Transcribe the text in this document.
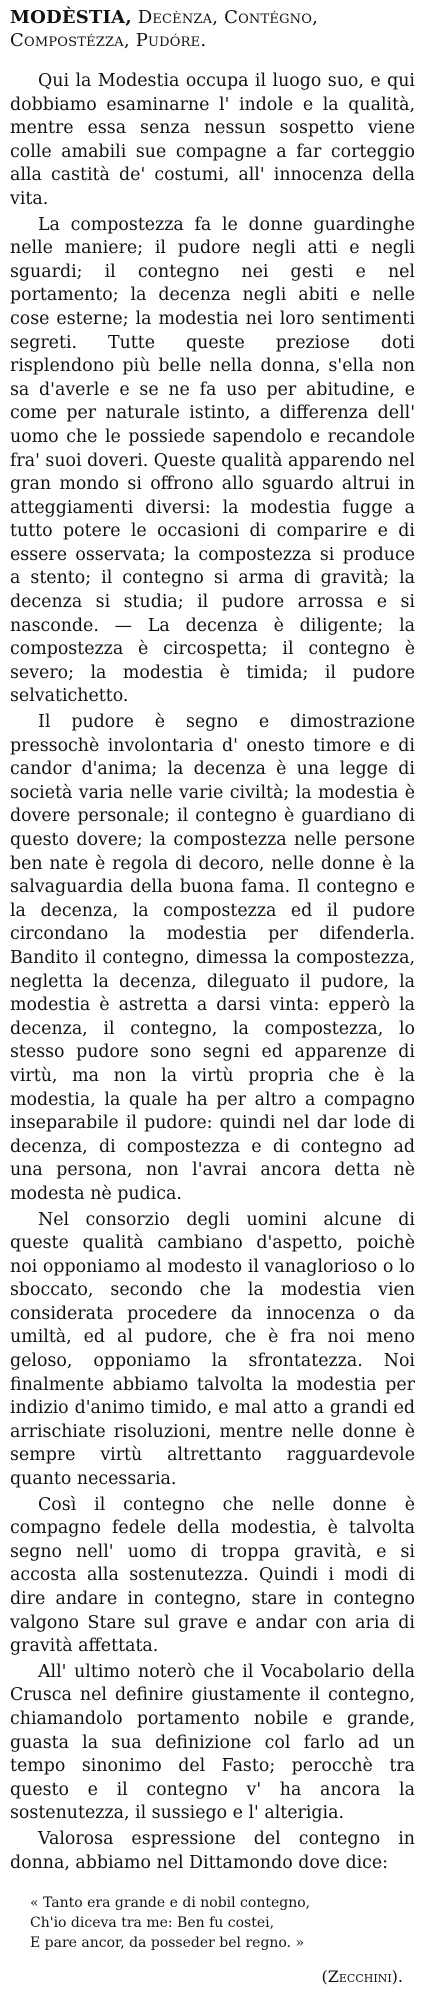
MODÈSTIA, Decènza, Contégno, Compostézza, Pudóre.

Qui la Modestia occupa il luogo suo, e qui dobbiamo esaminarne l' indole e la qualità, mentre essa senza nessun sospetto viene colle amabili sue compagne a far corteggio alla castità de' costumi, all' innocenza della vita.

La compostezza fa le donne guardinghe nelle maniere; il pudore negli atti e negli sguardi; il contegno nei gesti e nel portamento; la decenza negli abiti e nelle cose esterne; la modestia nei loro sentimenti segreti. Tutte queste preziose doti risplendono più belle nella donna, s'ella non sa d'averle e se ne fa uso per abitudine, e come per naturale istinto, a differenza dell' uomo che le possiede sapendolo e recandole fra' suoi doveri. Queste qualità apparendo nel gran mondo si offrono allo sguardo altrui in atteggiamenti diversi: la modestia fugge a tutto potere le occasioni di comparire e di essere osservata; la compostezza si produce a stento; il contegno si arma di gravità; la decenza si studia; il pudore arrossa e si nasconde. — La decenza è diligente; la compostezza è circospetta; il contegno è severo; la modestia è timida; il pudore selvatichetto.

Il pudore è segno e dimostrazione pressochè involontaria d' onesto timore e di candor d'anima; la decenza è una legge di società varia nelle varie civiltà; la modestia è dovere personale; il contegno è guardiano di questo dovere; la compostezza nelle persone ben nate è regola di decoro, nelle donne è la salvaguardia della buona fama. Il contegno e la decenza, la compostezza ed il pudore circondano la modestia per difenderla. Bandito il contegno, dimessa la compostezza, negletta la decenza, dileguato il pudore, la modestia è astretta a darsi vinta: epperò la decenza, il contegno, la compostezza, lo stesso pudore sono segni ed apparenze di virtù, ma non la virtù propria che è la modestia, la quale ha per altro a compagno inseparabile il pudore: quindi nel dar lode di decenza, di compostezza e di contegno ad una persona, non l'avrai ancora detta nè modesta nè pudica.

Nel consorzio degli uomini alcune di queste qualità cambiano d'aspetto, poichè noi opponiamo al modesto il vanaglorioso o lo sboccato, secondo che la modestia vien considerata procedere da innocenza o da umiltà, ed al pudore, che è fra noi meno geloso, opponiamo la sfrontatezza. Noi finalmente abbiamo talvolta la modestia per indizio d'animo timido, e mal atto a grandi ed arrischiate risoluzioni, mentre nelle donne è sempre virtù altrettanto ragguardevole quanto necessaria.

Così il contegno che nelle donne è compagno fedele della modestia, è talvolta segno nell' uomo di troppa gravità, e si accosta alla sostenutezza. Quindi i modi di dire andare in contegno, stare in contegno valgono Stare sul grave e andar con aria di gravità affettata.

All' ultimo noterò che il Vocabolario della Crusca nel definire giustamente il contegno, chiamandolo portamento nobile e grande, guasta la sua definizione col farlo ad un tempo sinonimo del Fasto; perocchè tra questo e il contegno v' ha ancora la sostenutezza, il sussiego e l' alterigia.

Valorosa espressione del contegno in donna, abbiamo nel Dittamondo dove dice:

« Tanto era grande e di nobil contegno,
Ch'io diceva tra me: Ben fu costei,
E pare ancor, da posseder bel regno. »
(Zecchini).
